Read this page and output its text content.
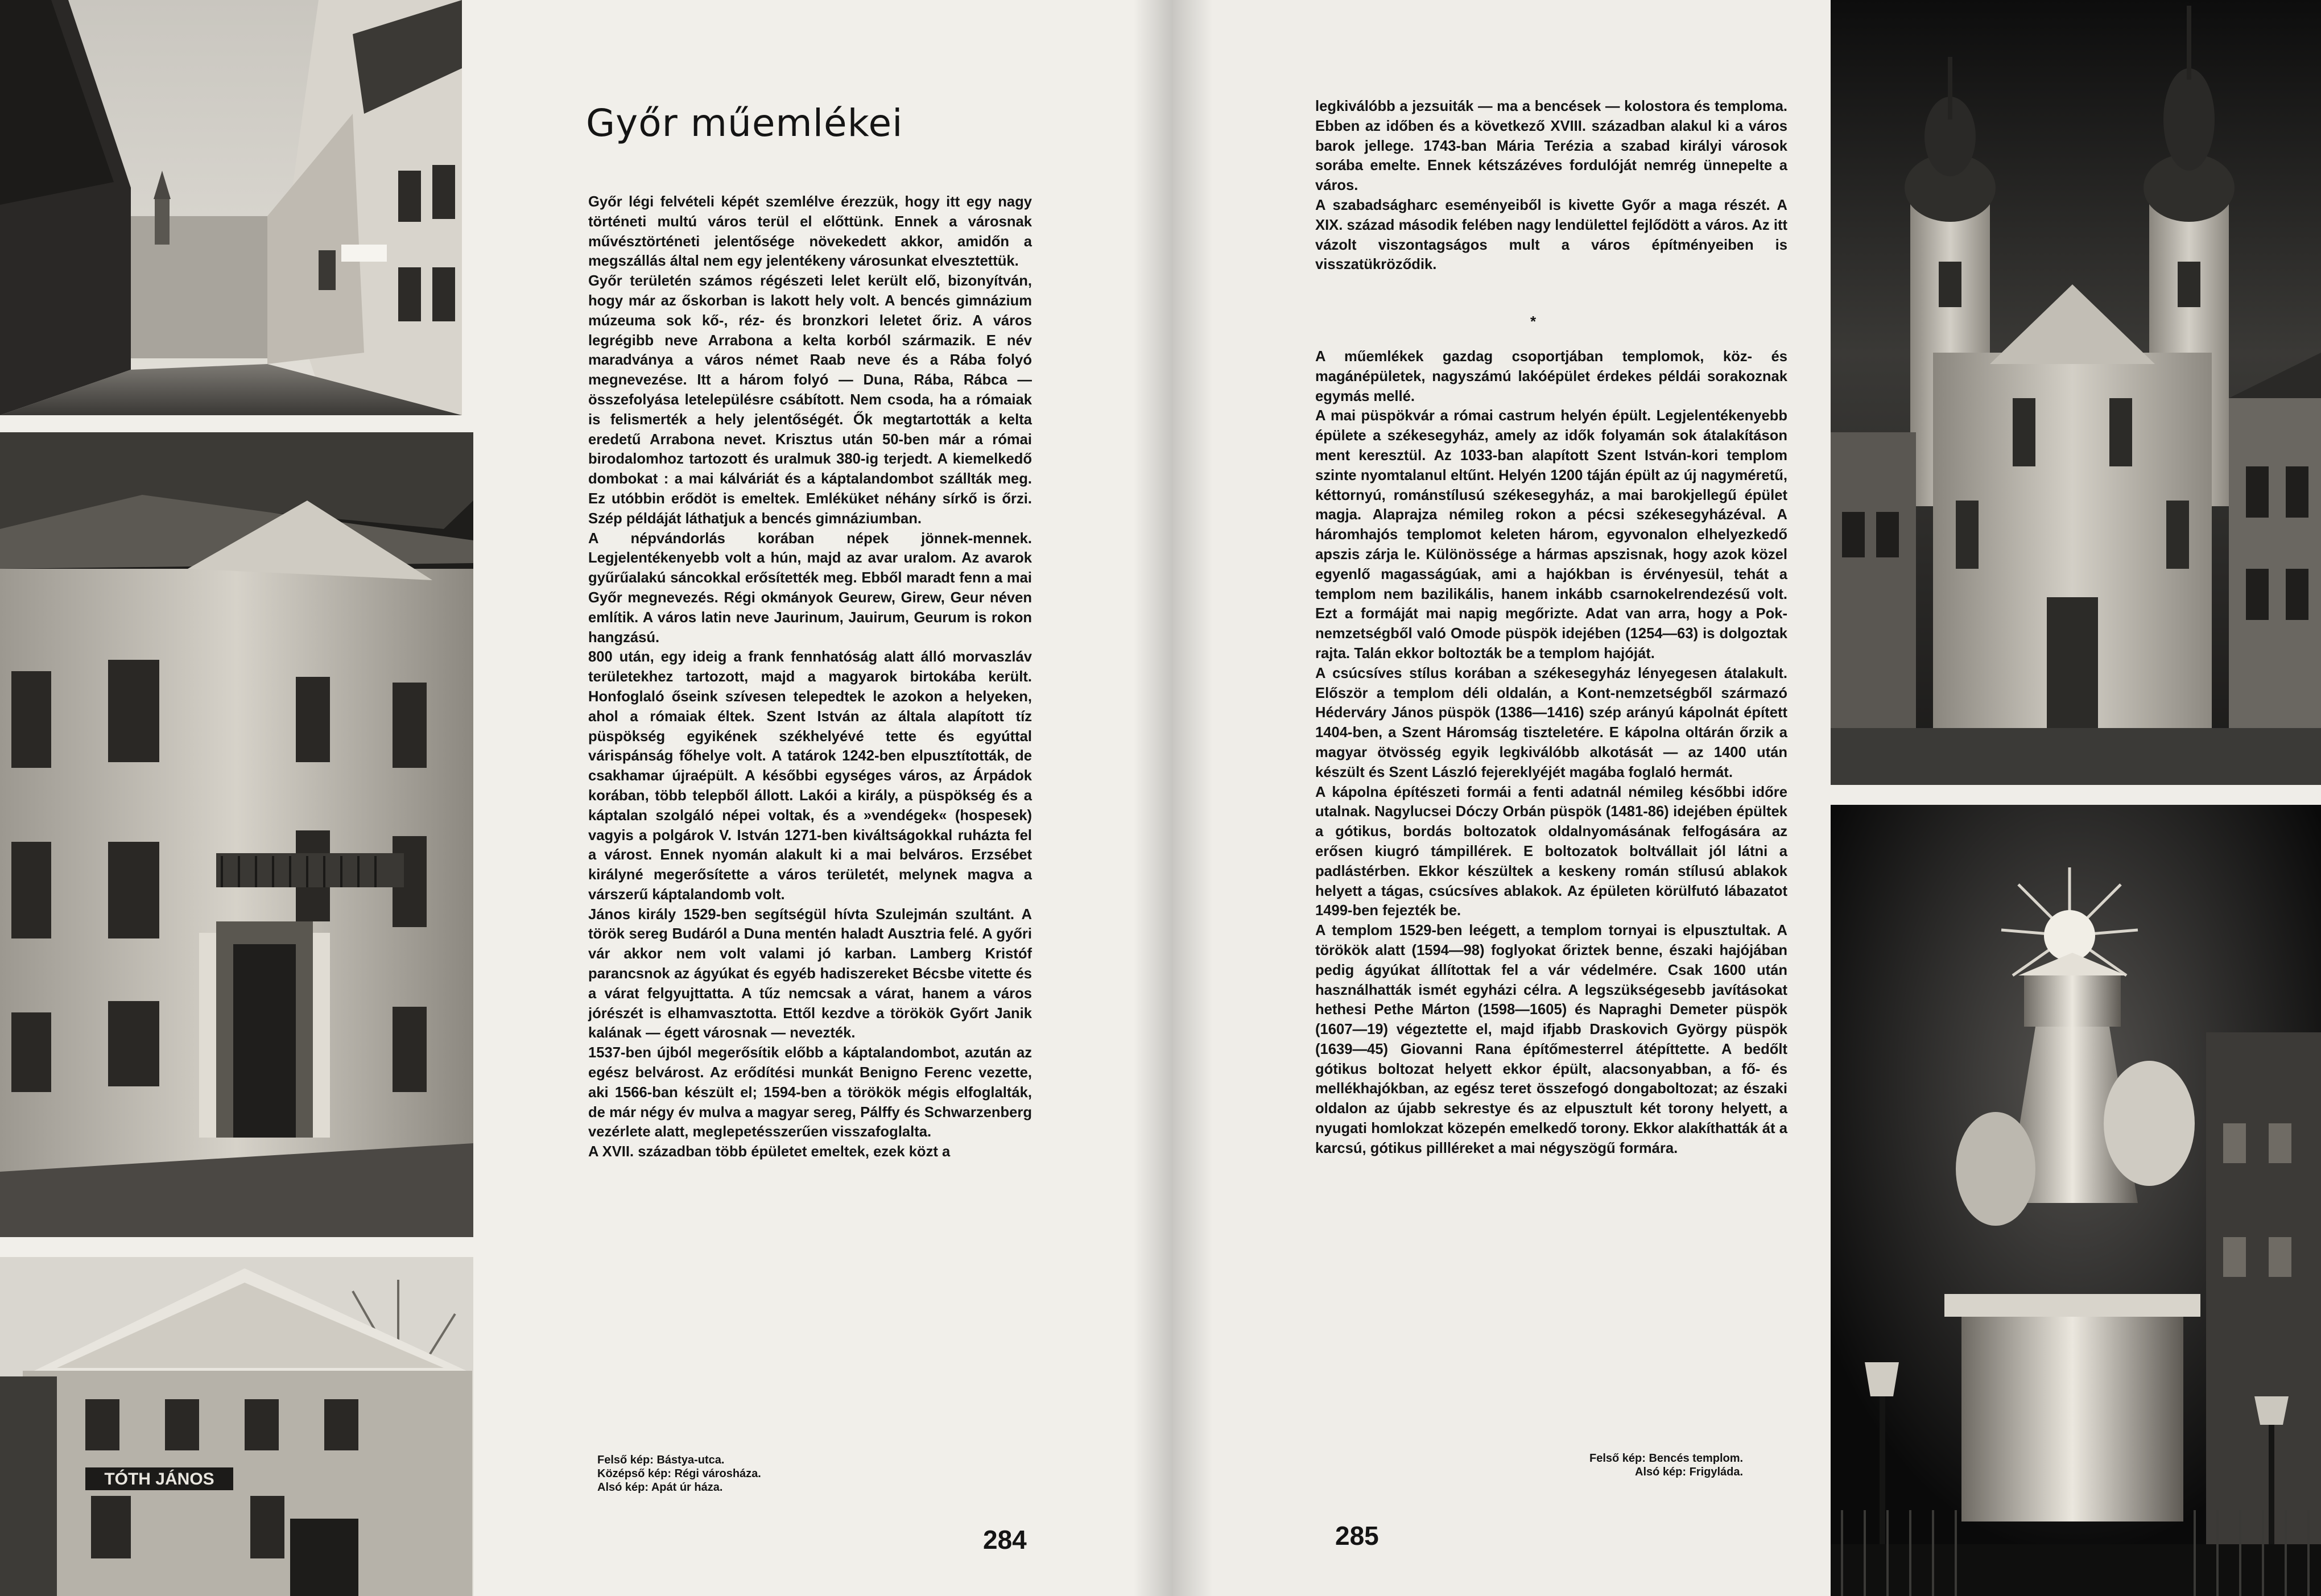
TÓTH JÁNOS
Győr műemlékei

Győr légi felvételi képét szemlélve érezzük, hogy itt egy nagy történeti multú város terül el előttünk. Ennek a városnak művésztörténeti jelentősége növekedett akkor, amidőn a megszállás által nem egy jelentékeny városunkat elvesztettük.

Győr területén számos régészeti lelet került elő, bizonyítván, hogy már az őskorban is lakott hely volt. A bencés gimnázium múzeuma sok kő-, réz- és bronzkori leletet őriz. A város legrégibb neve Arrabona a kelta korból származik. E név maradványa a város német Raab neve és a Rába folyó megnevezése. Itt a három folyó — Duna, Rába, Rábca — összefolyása letelepülésre csábított. Nem csoda, ha a rómaiak is felismerték a hely jelentőségét. Ők megtartották a kelta eredetű Arrabona nevet. Krisztus után 50-ben már a római birodalomhoz tartozott és uralmuk 380-ig terjedt. A kiemelkedő dombokat : a mai kálváriát és a káptalandombot szállták meg. Ez utóbbin erődöt is emeltek. Emléküket néhány sírkő is őrzi. Szép példáját láthatjuk a bencés gimnáziumban.

A népvándorlás korában népek jönnek-mennek. Legjelentékenyebb volt a hún, majd az avar uralom. Az avarok gyűrűalakú sáncokkal erősítették meg. Ebből maradt fenn a mai Győr megnevezés. Régi okmányok Geurew, Girew, Geur néven említik. A város latin neve Jaurinum, Jauirum, Geurum is rokon hangzású.

800 után, egy ideig a frank fennhatóság alatt álló morvaszláv területekhez tartozott, majd a magyarok birtokába került. Honfoglaló őseink szívesen telepedtek le azokon a helyeken, ahol a rómaiak éltek. Szent István az általa alapított tíz püspökség egyikének székhelyévé tette és egyúttal várispánság főhelye volt. A tatárok 1242-ben elpusztították, de csakhamar újraépült. A későbbi egységes város, az Árpádok korában, több telepből állott. Lakói a király, a püspökség és a káptalan szolgáló népei voltak, és a »vendégek« (hospesek) vagyis a polgárok V. István 1271-ben kiváltságokkal ruházta fel a várost. Ennek nyomán alakult ki a mai belváros. Erzsébet királyné megerősítette a város területét, melynek magva a várszerű káptalandomb volt.

János király 1529-ben segítségül hívta Szulejmán szultánt. A török sereg Budáról a Duna mentén haladt Ausztria felé. A győri vár akkor nem volt valami jó karban. Lamberg Kristóf parancsnok az ágyúkat és egyéb hadiszereket Bécsbe vitette és a várat felgyujttatta. A tűz nemcsak a várat, hanem a város jórészét is elhamvasztotta. Ettől kezdve a törökök Győrt Janik kalának — égett városnak — nevezték.

1537-ben újból megerősítik előbb a káptalandombot, azután az egész belvárost. Az erődítési munkát Benigno Ferenc vezette, aki 1566-ban készült el; 1594-ben a törökök mégis elfoglalták, de már négy év mulva a magyar sereg, Pálffy és Schwarzenberg vezérlete alatt, meglepetésszerűen visszafoglalta.

A XVII. században több épületet emeltek, ezek közt a

Felső kép: Bástya-utca.
Középső kép: Régi városháza.
Alsó kép: Apát úr háza.
284

legkiválóbb a jezsuiták — ma a bencések — kolostora és temploma. Ebben az időben és a következő XVIII. században alakul ki a város barok jellege. 1743-ban Mária Terézia a szabad királyi városok sorába emelte. Ennek kétszázéves fordulóját nemrég ünnepelte a város.

A szabadságharc eseményeiből is kivette Győr a maga részét. A XIX. század második felében nagy lendülettel fejlődött a város. Az itt vázolt viszontagságos mult a város építményeiben is visszatükröződik.

*

A műemlékek gazdag csoportjában templomok, köz- és magánépületek, nagyszámú lakóépület érdekes példái sorakoznak egymás mellé.

A mai püspökvár a római castrum helyén épült. Legjelentékenyebb épülete a székesegyház, amely az idők folyamán sok átalakításon ment keresztül. Az 1033-ban alapított Szent István-kori templom szinte nyomtalanul eltűnt. Helyén 1200 táján épült az új nagyméretű, kéttornyú, románstílusú székesegyház, a mai barokjellegű épület magja. Alaprajza némileg rokon a pécsi székesegyházéval. A háromhajós templomot keleten három, egyvonalon elhelyezkedő apszis zárja le. Különössége a hármas apszisnak, hogy azok közel egyenlő magasságúak, ami a hajókban is érvényesül, tehát a templom nem bazilikális, hanem inkább csarnokelrendezésű volt. Ezt a formáját mai napig megőrizte. Adat van arra, hogy a Pok-nemzetségből való Omode püspök idejében (1254—63) is dolgoztak rajta. Talán ekkor boltozták be a templom hajóját.

A csúcsíves stílus korában a székesegyház lényegesen átalakult. Először a templom déli oldalán, a Kont-nemzetségből származó Héderváry János püspök (1386—1416) szép arányú kápolnát épített 1404-ben, a Szent Háromság tiszteletére. E kápolna oltárán őrzik a magyar ötvösség egyik legkiválóbb alkotását — az 1400 után készült és Szent László fejereklyéjét magába foglaló hermát.

A kápolna építészeti formái a fenti adatnál némileg későbbi időre utalnak. Nagylucsei Dóczy Orbán püspök (1481-86) idejében épültek a gótikus, bordás boltozatok oldalnyomásának felfogására az erősen kiugró támpillérek. E boltozatok boltvállait jól látni a padlástérben. Ekkor készültek a keskeny román stílusú ablakok helyett a tágas, csúcsíves ablakok. Az épületen körülfutó lábazatot 1499-ben fejezték be.

A templom 1529-ben leégett, a templom tornyai is elpusztultak. A törökök alatt (1594—98) foglyokat őriztek benne, északi hajójában pedig ágyúkat állítottak fel a vár védelmére. Csak 1600 után használhatták ismét egyházi célra. A legszükségesebb javításokat hethesi Pethe Márton (1598—1605) és Napraghi Demeter püspök (1607—19) végeztette el, majd ifjabb Draskovich György püspök (1639—45) Giovanni Rana építőmesterrel átépíttette. A bedőlt gótikus boltozat helyett ekkor épült, alacsonyabban, a fő- és mellékhajókban, az egész teret összefogó dongaboltozat; az északi oldalon az újabb sekrestye és az elpusztult két torony helyett, a nyugati homlokzat közepén emelkedő torony. Ekkor alakíthatták át a karcsú, gótikus pillléreket a mai négyszögű formára.

Felső kép: Bencés templom.
Alsó kép: Frigyláda.
285
